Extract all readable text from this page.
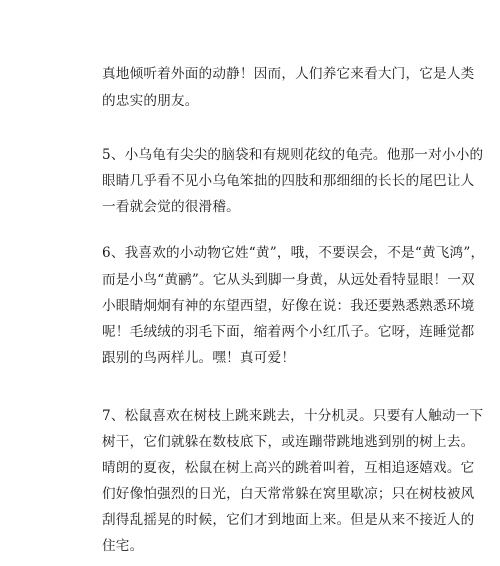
真地倾听着外面的动静！因而，人们养它来看大门，它是人类
的忠实的朋友。
5、小乌龟有尖尖的脑袋和有规则花纹的龟壳。他那一对小小的
眼睛几乎看不见小乌龟笨拙的四肢和那细细的长长的尾巴让人
一看就会觉的很滑稽。
6、我喜欢的小动物它姓“黄”，哦，不要误会，不是“黄飞鸿”，
而是小鸟“黄鹂”。它从头到脚一身黄，从远处看特显眼！一双
小眼睛炯炯有神的东望西望，好像在说：我还要熟悉熟悉环境
呢！毛绒绒的羽毛下面，缩着两个小红爪子。它呀，连睡觉都
跟别的鸟两样儿。嘿！真可爱！
7、松鼠喜欢在树枝上跳来跳去，十分机灵。只要有人触动一下
树干，它们就躲在数枝底下，或连蹦带跳地逃到别的树上去。
晴朗的夏夜，松鼠在树上高兴的跳着叫着，互相追逐嬉戏。它
们好像怕强烈的日光，白天常常躲在窝里歇凉；只在树枝被风
刮得乱摇晃的时候，它们才到地面上来。但是从来不接近人的
住宅。
